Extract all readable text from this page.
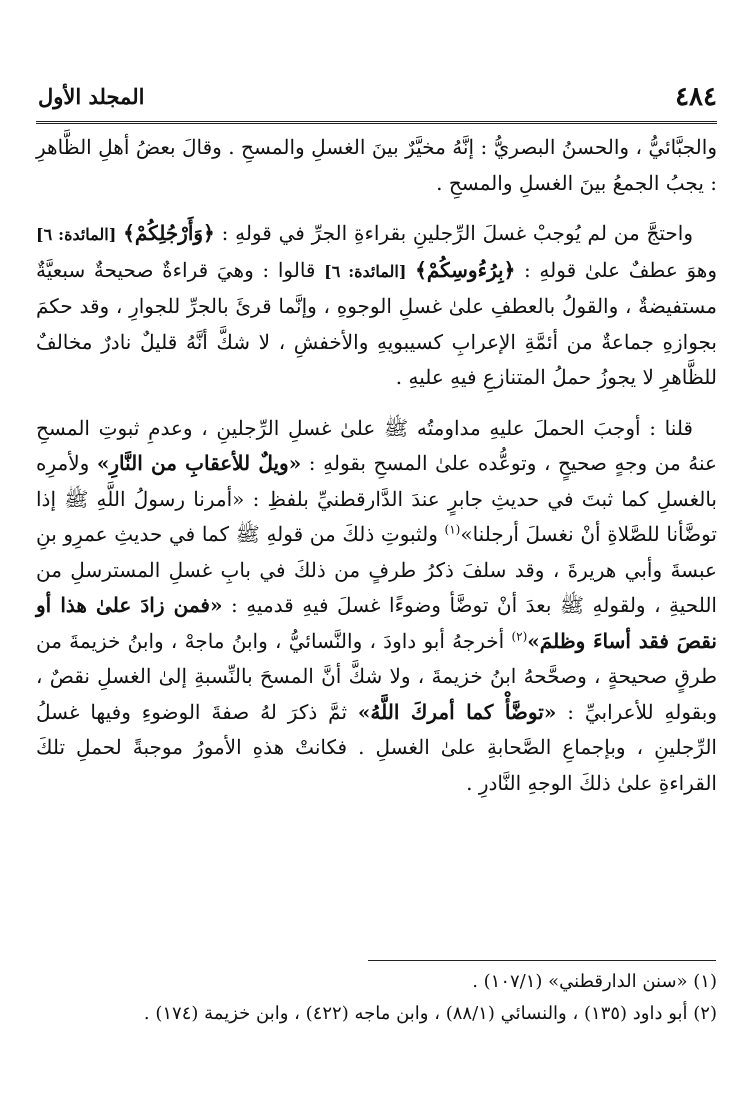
٤٨٤
المجلد الأول

والجبَّائيُّ ، والحسنُ البصريُّ : إنَّهُ مخيَّرٌ بينَ الغسلِ والمسحِ . وقالَ بعضُ أهلِ الظَّاهرِ : يجبُ الجمعُ بينَ الغسلِ والمسحِ .

واحتجَّ من لم يُوجبْ غسلَ الرِّجلينِ بقراءةِ الجرِّ في قولهِ : ﴿وَأَرْجُلِكُمْ﴾ [المائدة: ٦] وهوَ عطفٌ علىٰ قولهِ : ﴿بِرُءُوسِكُمْ﴾ [المائدة: ٦] قالوا : وهيَ قراءةٌ صحيحةٌ سبعيَّةٌ مستفيضةٌ ، والقولُ بالعطفِ علىٰ غسلِ الوجوهِ ، وإنَّما قرئَ بالجرِّ للجوارِ ، وقد حكمَ بجوازهِ جماعةٌ من أئمَّةِ الإعرابِ كسيبويهِ والأخفشِ ، لا شكَّ أنَّهُ قليلٌ نادرٌ مخالفٌ للظَّاهرِ لا يجوزُ حملُ المتنازعِ فيهِ عليهِ .

قلنا : أوجبَ الحملَ عليهِ مداومتُه ﷺ علىٰ غسلِ الرِّجلينِ ، وعدمِ ثبوتِ المسحِ عنهُ من وجهٍ صحيحٍ ، وتوعُّده علىٰ المسحِ بقولهِ : «ويلٌ للأعقابِ من النَّارِ» ولأمرِه بالغسلِ كما ثبتَ في حديثِ جابرٍ عندَ الدَّارقطنيِّ بلفظِ : «أمرنا رسولُ اللَّهِ ﷺ إذا توضَّأنا للصَّلاةِ أنْ نغسلَ أرجلنا»$^{(١)}$ ولثبوتِ ذلكَ من قولهِ ﷺ كما في حديثِ عمرِو بنِ عبسةَ وأبي هريرةَ ، وقد سلفَ ذكرُ طرفٍ من ذلكَ في بابِ غسلِ المسترسلِ من اللحيةِ ، ولقولهِ ﷺ بعدَ أنْ توضَّأ وضوءًا غسلَ فيهِ قدميهِ : «فمن زادَ علىٰ هذا أو نقصَ فقد أساءَ وظلمَ»$^{(٢)}$ أخرجهُ أبو داودَ ، والنَّسائيُّ ، وابنُ ماجهْ ، وابنُ خزيمةَ من طرقٍ صحيحةٍ ، وصحَّحهُ ابنُ خزيمةَ ، ولا شكَّ أنَّ المسحَ بالنِّسبةِ إلىٰ الغسلِ نقصٌ ، وبقولهِ للأعرابيِّ : «توضَّأْ كما أمركَ اللَّهُ» ثمَّ ذكرَ لهُ صفةَ الوضوءِ وفيها غسلُ الرِّجلينِ ، وبإجماعِ الصَّحابةِ علىٰ الغسلِ . فكانتْ هذهِ الأمورُ موجبةً لحملِ تلكَ القراءةِ علىٰ ذلكَ الوجهِ النَّادرِ .

(١) «سنن الدارقطني» (١٠٧/١) .

(٢) أبو داود (١٣٥) ، والنسائي (٨٨/١) ، وابن ماجه (٤٢٢) ، وابن خزيمة (١٧٤) .
